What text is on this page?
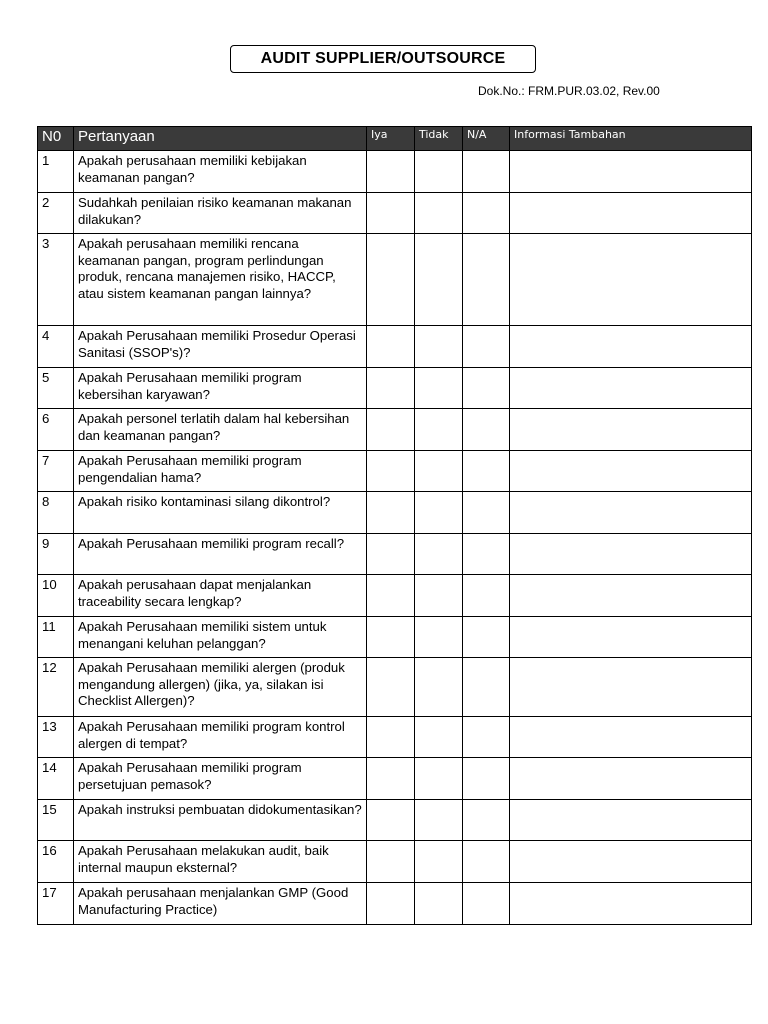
AUDIT SUPPLIER/OUTSOURCE
Dok.No.: FRM.PUR.03.02, Rev.00
N0	Pertanyaan	Iya	Tidak	N/A	Informasi Tambahan
1	Apakah perusahaan memiliki kebijakan keamanan pangan?				
2	Sudahkah penilaian risiko keamanan makanan dilakukan?				
3	Apakah perusahaan memiliki rencana keamanan pangan, program perlindungan produk, rencana manajemen risiko, HACCP, atau sistem keamanan pangan lainnya?				
4	Apakah Perusahaan memiliki Prosedur Operasi Sanitasi (SSOP's)?				
5	Apakah Perusahaan memiliki program kebersihan karyawan?				
6	Apakah personel terlatih dalam hal kebersihan dan keamanan pangan?				
7	Apakah Perusahaan memiliki program pengendalian hama?				
8	Apakah risiko kontaminasi silang dikontrol?				
9	Apakah Perusahaan memiliki program recall?				
10	Apakah perusahaan dapat menjalankan traceability secara lengkap?				
11	Apakah Perusahaan memiliki sistem untuk menangani keluhan pelanggan?				
12	Apakah Perusahaan memiliki alergen (produk mengandung allergen) (jika, ya, silakan isi Checklist Allergen)?				
13	Apakah Perusahaan memiliki program kontrol alergen di tempat?				
14	Apakah Perusahaan memiliki program persetujuan pemasok?				
15	Apakah instruksi pembuatan didokumentasikan?				
16	Apakah Perusahaan melakukan audit, baik internal maupun eksternal?				
17	Apakah perusahaan menjalankan GMP (Good Manufacturing Practice)				
